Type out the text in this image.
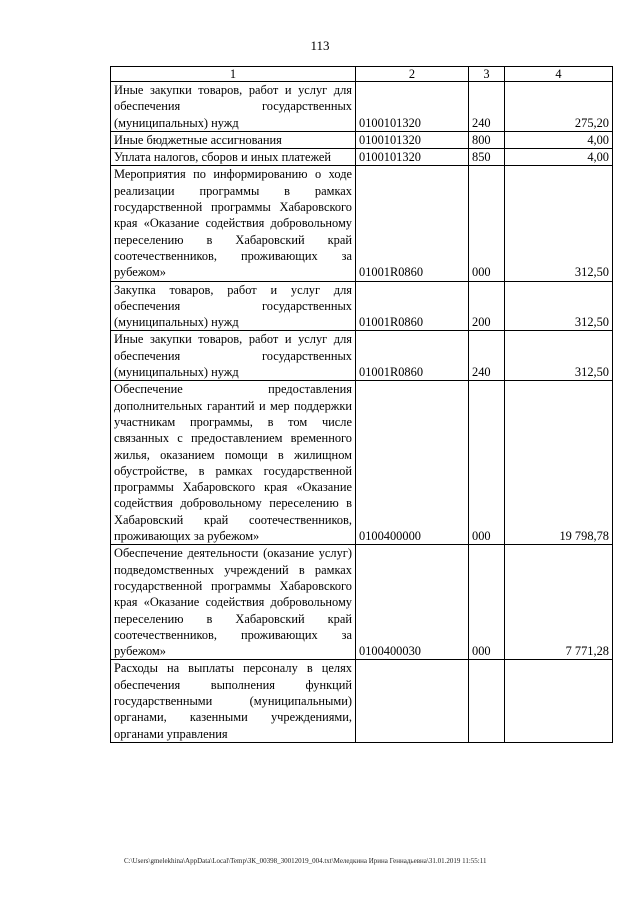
113
1	2	3	4
Иные закупки товаров, работ и услуг для обеспечения государственных (муниципальных) нужд	0100101320	240	275,20
Иные бюджетные ассигнования	0100101320	800	4,00
Уплата налогов, сборов и иных платежей	0100101320	850	4,00
Мероприятия по информированию о ходе реализации программы в рамках государственной программы Хабаровского края «Оказание содействия добровольному переселению в Хабаровский край соотечественников, проживающих за рубежом»	01001R0860	000	312,50
Закупка товаров, работ и услуг для обеспечения государственных (муниципальных) нужд	01001R0860	200	312,50
Иные закупки товаров, работ и услуг для обеспечения государственных (муниципальных) нужд	01001R0860	240	312,50
Обеспечение предоставления дополнительных гарантий и мер поддержки участникам программы, в том числе связанных с предоставлением временного жилья, оказанием помощи в жилищном обустройстве, в рамках государственной программы Хабаровского края «Оказание содействия добровольному переселению в Хабаровский край соотечественников, проживающих за рубежом»	0100400000	000	19 798,78
Обеспечение деятельности (оказание услуг) подведомственных учреждений в рамках государственной программы Хабаровского края «Оказание содействия добровольному переселению в Хабаровский край соотечественников, проживающих за рубежом»	0100400030	000	7 771,28
Расходы на выплаты персоналу в целях обеспечения выполнения функций государственными (муниципальными) органами, казенными учреждениями, органами управления			
C:\Users\gmelekhina\AppData\Local\Temp\ЗК_00398_30012019_004.txt\Меледкина Ирина Геннадьевна\31.01.2019 11:55:11
